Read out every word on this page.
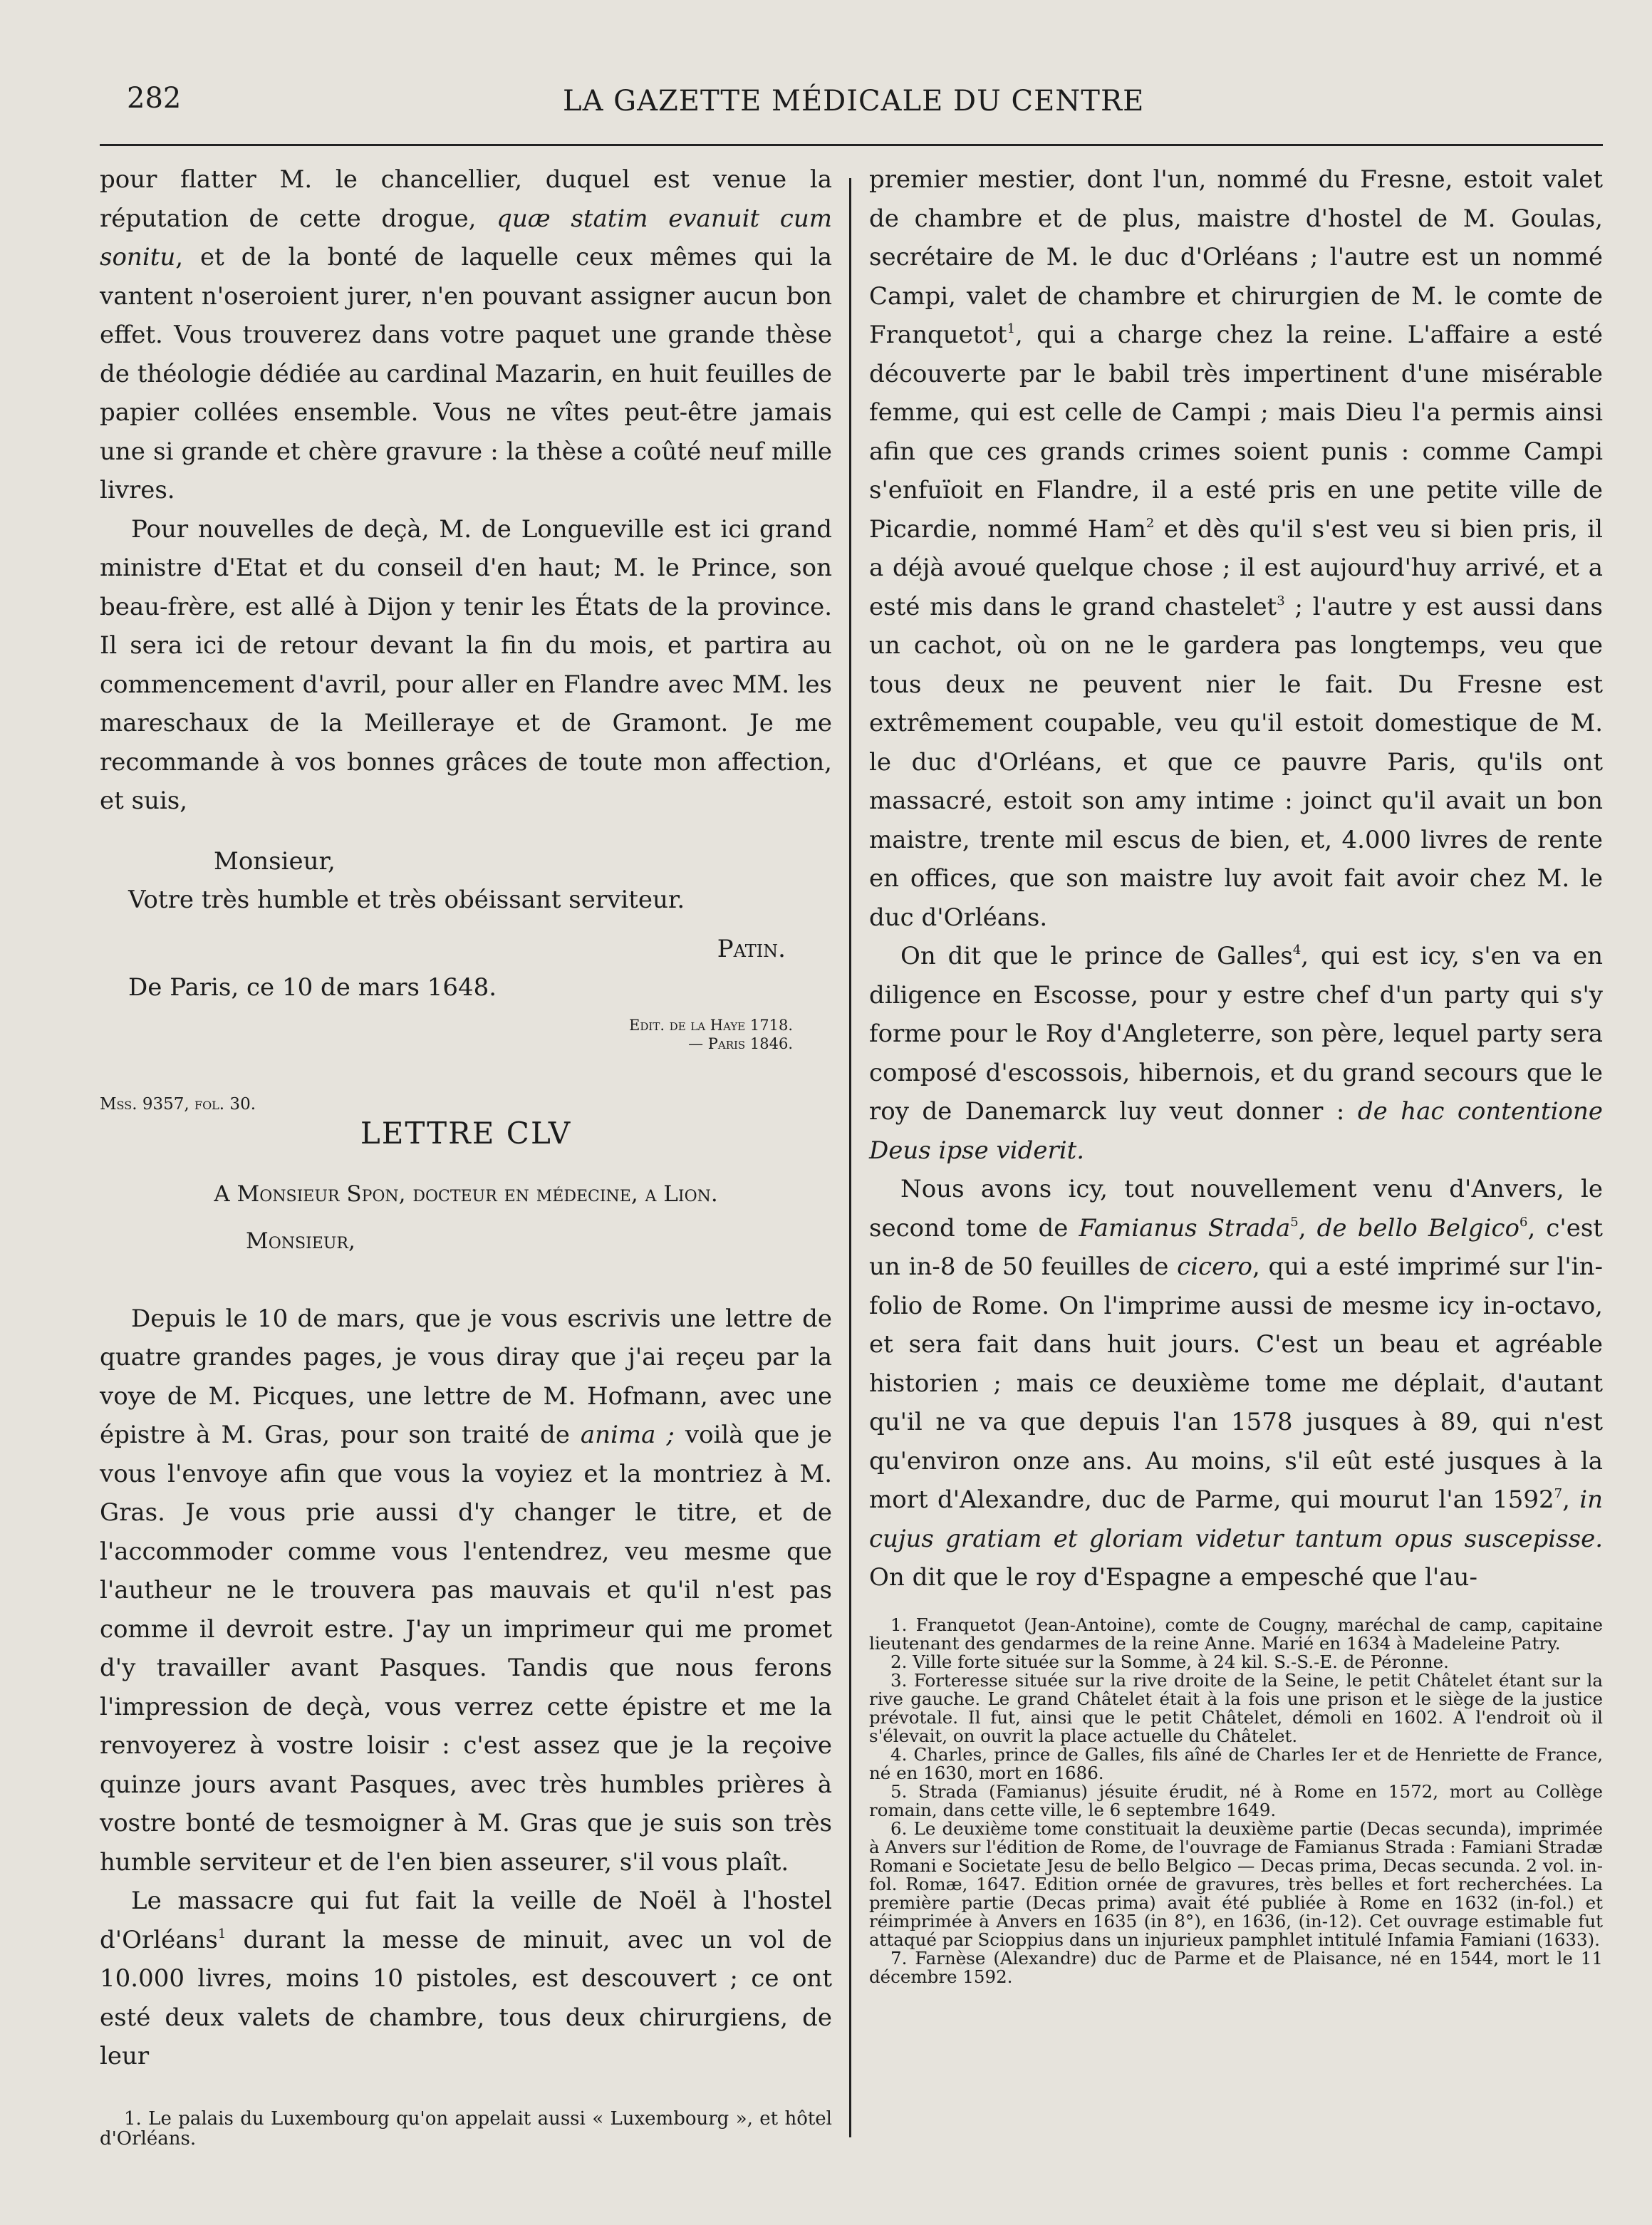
282	LA GAZETTE MÉDICALE DU CENTRE

pour flatter M. le chancellier, duquel est venue la réputation de cette drogue, quæ statim evanuit cum sonitu, et de la bonté de laquelle ceux mêmes qui la vantent n'oseroient jurer, n'en pouvant assigner aucun bon effet. Vous trouverez dans votre paquet une grande thèse de théologie dédiée au cardinal Mazarin, en huit feuilles de papier collées ensemble. Vous ne vîtes peut-être jamais une si grande et chère gravure : la thèse a coûté neuf mille livres.

Pour nouvelles de deçà, M. de Longueville est ici grand ministre d'Etat et du conseil d'en haut; M. le Prince, son beau-frère, est allé à Dijon y tenir les États de la province. Il sera ici de retour devant la fin du mois, et partira au commencement d'avril, pour aller en Flandre avec MM. les mareschaux de la Meilleraye et de Gramont. Je me recommande à vos bonnes grâces de toute mon affection, et suis,

Monsieur,

Votre très humble et très obéissant serviteur.

Patin.

De Paris, ce 10 de mars 1648.

Edit. de la Haye 1718.
— Paris 1846.
Mss. 9357, fol. 30.
LETTRE CLV
A Monsieur Spon, docteur en médecine, a Lion.
Monsieur,

Depuis le 10 de mars, que je vous escrivis une lettre de quatre grandes pages, je vous diray que j'ai reçeu par la voye de M. Picques, une lettre de M. Hofmann, avec une épistre à M. Gras, pour son traité de anima ; voilà que je vous l'envoye afin que vous la voyiez et la montriez à M. Gras. Je vous prie aussi d'y changer le titre, et de l'accommoder comme vous l'entendrez, veu mesme que l'autheur ne le trouvera pas mauvais et qu'il n'est pas comme il devroit estre. J'ay un imprimeur qui me promet d'y travailler avant Pasques. Tandis que nous ferons l'impression de deçà, vous verrez cette épistre et me la renvoyerez à vostre loisir : c'est assez que je la reçoive quinze jours avant Pasques, avec très humbles prières à vostre bonté de tesmoigner à M. Gras que je suis son très humble serviteur et de l'en bien asseurer, s'il vous plaît.

Le massacre qui fut fait la veille de Noël à l'hostel d'Orléans$^1$ durant la messe de minuit, avec un vol de 10.000 livres, moins 10 pistoles, est descouvert ; ce ont esté deux valets de chambre, tous deux chirurgiens, de leur

1. Le palais du Luxembourg qu'on appelait aussi « Luxembourg », et hôtel d'Orléans.

premier mestier, dont l'un, nommé du Fresne, estoit valet de chambre et de plus, maistre d'hostel de M. Goulas, secrétaire de M. le duc d'Orléans ; l'autre est un nommé Campi, valet de chambre et chirurgien de M. le comte de Franquetot$^1$, qui a charge chez la reine. L'affaire a esté découverte par le babil très impertinent d'une misérable femme, qui est celle de Campi ; mais Dieu l'a permis ainsi afin que ces grands crimes soient punis : comme Campi s'enfuïoit en Flandre, il a esté pris en une petite ville de Picardie, nommé Ham$^2$ et dès qu'il s'est veu si bien pris, il a déjà avoué quelque chose ; il est aujourd'huy arrivé, et a esté mis dans le grand chastelet$^3$ ; l'autre y est aussi dans un cachot, où on ne le gardera pas longtemps, veu que tous deux ne peuvent nier le fait. Du Fresne est extrêmement coupable, veu qu'il estoit domestique de M. le duc d'Orléans, et que ce pauvre Paris, qu'ils ont massacré, estoit son amy intime : joinct qu'il avait un bon maistre, trente mil escus de bien, et, 4.000 livres de rente en offices, que son maistre luy avoit fait avoir chez M. le duc d'Orléans.

On dit que le prince de Galles$^4$, qui est icy, s'en va en diligence en Escosse, pour y estre chef d'un party qui s'y forme pour le Roy d'Angleterre, son père, lequel party sera composé d'escossois, hibernois, et du grand secours que le roy de Danemarck luy veut donner : de hac contentione Deus ipse viderit.

Nous avons icy, tout nouvellement venu d'Anvers, le second tome de Famianus Strada$^5$, de bello Belgico$^6$, c'est un in-8 de 50 feuilles de cicero, qui a esté imprimé sur l'in-folio de Rome. On l'imprime aussi de mesme icy in-octavo, et sera fait dans huit jours. C'est un beau et agréable historien ; mais ce deuxième tome me déplait, d'autant qu'il ne va que depuis l'an 1578 jusques à 89, qui n'est qu'environ onze ans. Au moins, s'il eût esté jusques à la mort d'Alexandre, duc de Parme, qui mourut l'an 1592$^7$, in cujus gratiam et gloriam videtur tantum opus suscepisse. On dit que le roy d'Espagne a empesché que l'au-

1. Franquetot (Jean-Antoine), comte de Cougny, maréchal de camp, capitaine lieutenant des gendarmes de la reine Anne. Marié en 1634 à Madeleine Patry.

2. Ville forte située sur la Somme, à 24 kil. S.-S.-E. de Péronne.

3. Forteresse située sur la rive droite de la Seine, le petit Châtelet étant sur la rive gauche. Le grand Châtelet était à la fois une prison et le siège de la justice prévotale. Il fut, ainsi que le petit Châtelet, démoli en 1602. A l'endroit où il s'élevait, on ouvrit la place actuelle du Châtelet.

4. Charles, prince de Galles, fils aîné de Charles Ier et de Henriette de France, né en 1630, mort en 1686.

5. Strada (Famianus) jésuite érudit, né à Rome en 1572, mort au Collège romain, dans cette ville, le 6 septembre 1649.

6. Le deuxième tome constituait la deuxième partie (Decas secunda), imprimée à Anvers sur l'édition de Rome, de l'ouvrage de Famianus Strada : Famiani Stradæ Romani e Societate Jesu de bello Belgico — Decas prima, Decas secunda. 2 vol. in-fol. Romæ, 1647. Edition ornée de gravures, très belles et fort recherchées. La première partie (Decas prima) avait été publiée à Rome en 1632 (in-fol.) et réimprimée à Anvers en 1635 (in 8°), en 1636, (in-12). Cet ouvrage estimable fut attaqué par Scioppius dans un injurieux pamphlet intitulé Infamia Famiani (1633).

7. Farnèse (Alexandre) duc de Parme et de Plaisance, né en 1544, mort le 11 décembre 1592.
